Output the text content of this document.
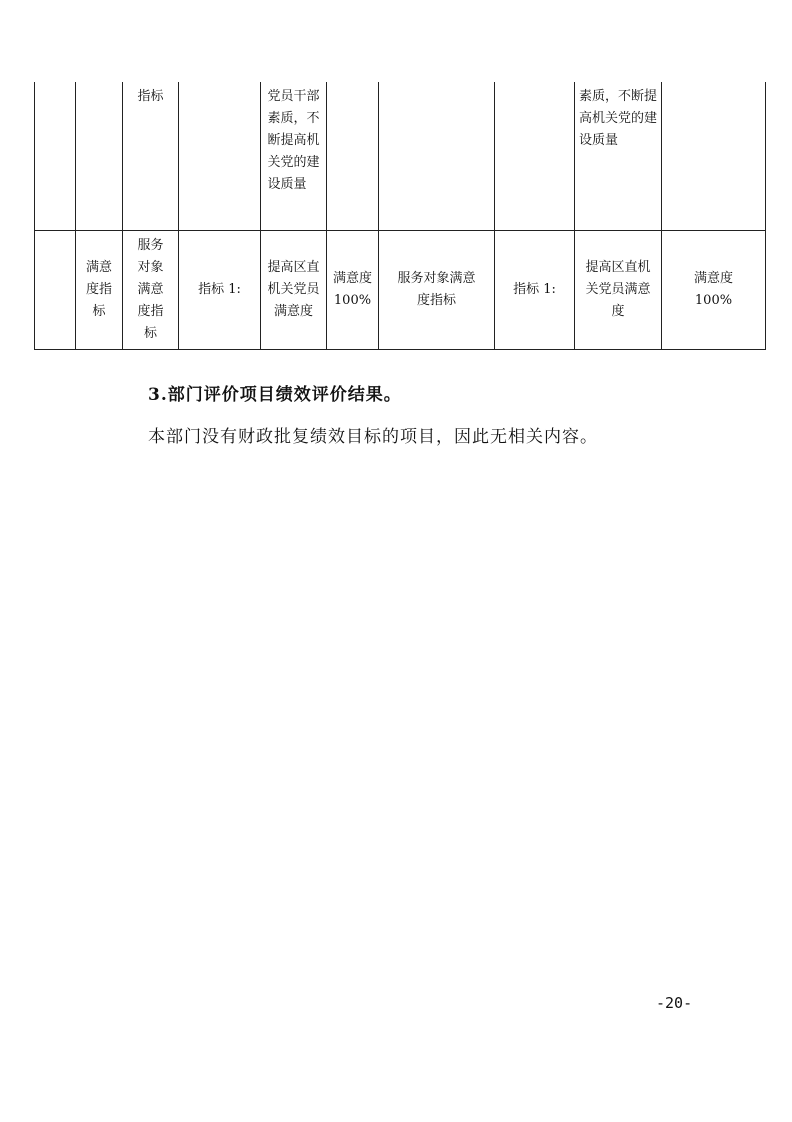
		指标		党员干部素质，不断提高机关党的建设质量				素质，不断提高机关党的建设质量	

	满意度指标	服务对象满意度指标	指标 1:	提高区直机关党员满意度	满意度 100%	服务对象满意度指标	指标 1:	提高区直机关党员满意度	满意度 100%
3.部门评价项目绩效评价结果。
本部门没有财政批复绩效目标的项目，因此无相关内容。
-20-
